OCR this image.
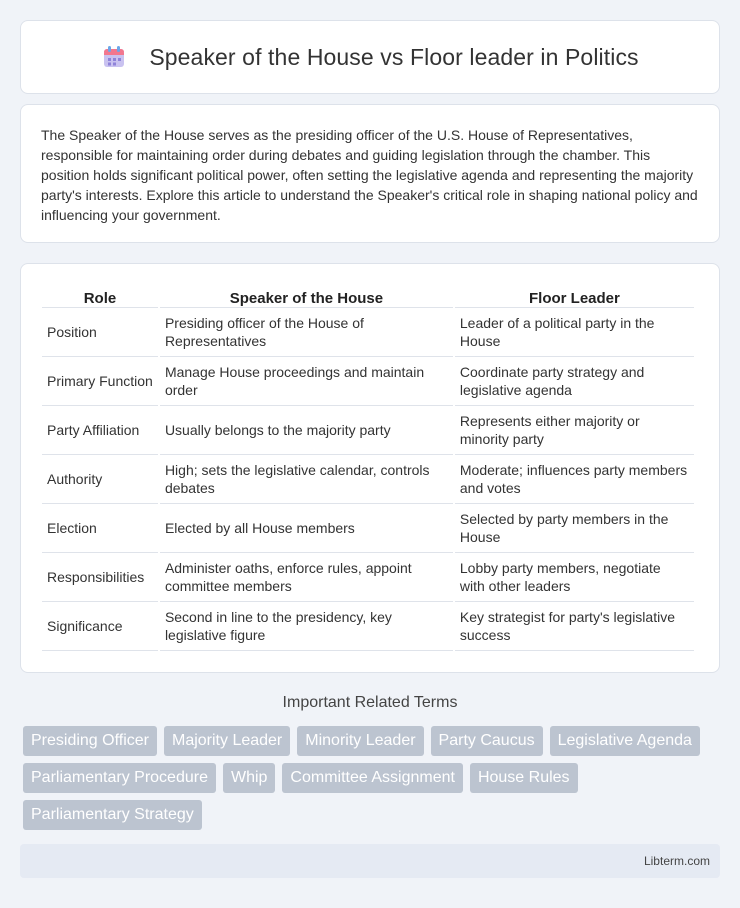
Speaker of the House vs Floor leader in Politics

The Speaker of the House serves as the presiding officer of the U.S. House of Representatives, responsible for maintaining order during debates and guiding legislation through the chamber. This position holds significant political power, often setting the legislative agenda and representing the majority party's interests. Explore this article to understand the Speaker's critical role in shaping national policy and influencing your government.

Role	Speaker of the House	Floor Leader
Position	Presiding officer of the House of Representatives	Leader of a political party in the House
Primary Function	Manage House proceedings and maintain order	Coordinate party strategy and legislative agenda
Party Affiliation	Usually belongs to the majority party	Represents either majority or minority party
Authority	High; sets the legislative calendar, controls debates	Moderate; influences party members and votes
Election	Elected by all House members	Selected by party members in the House
Responsibilities	Administer oaths, enforce rules, appoint committee members	Lobby party members, negotiate with other leaders
Significance	Second in line to the presidency, key legislative figure	Key strategist for party's legislative success
Important Related Terms
Presiding Officer	Majority Leader	Minority Leader	Party Caucus	Legislative Agenda
Parliamentary Procedure	Whip	Committee Assignment	House Rules
Parliamentary Strategy
Libterm.com
